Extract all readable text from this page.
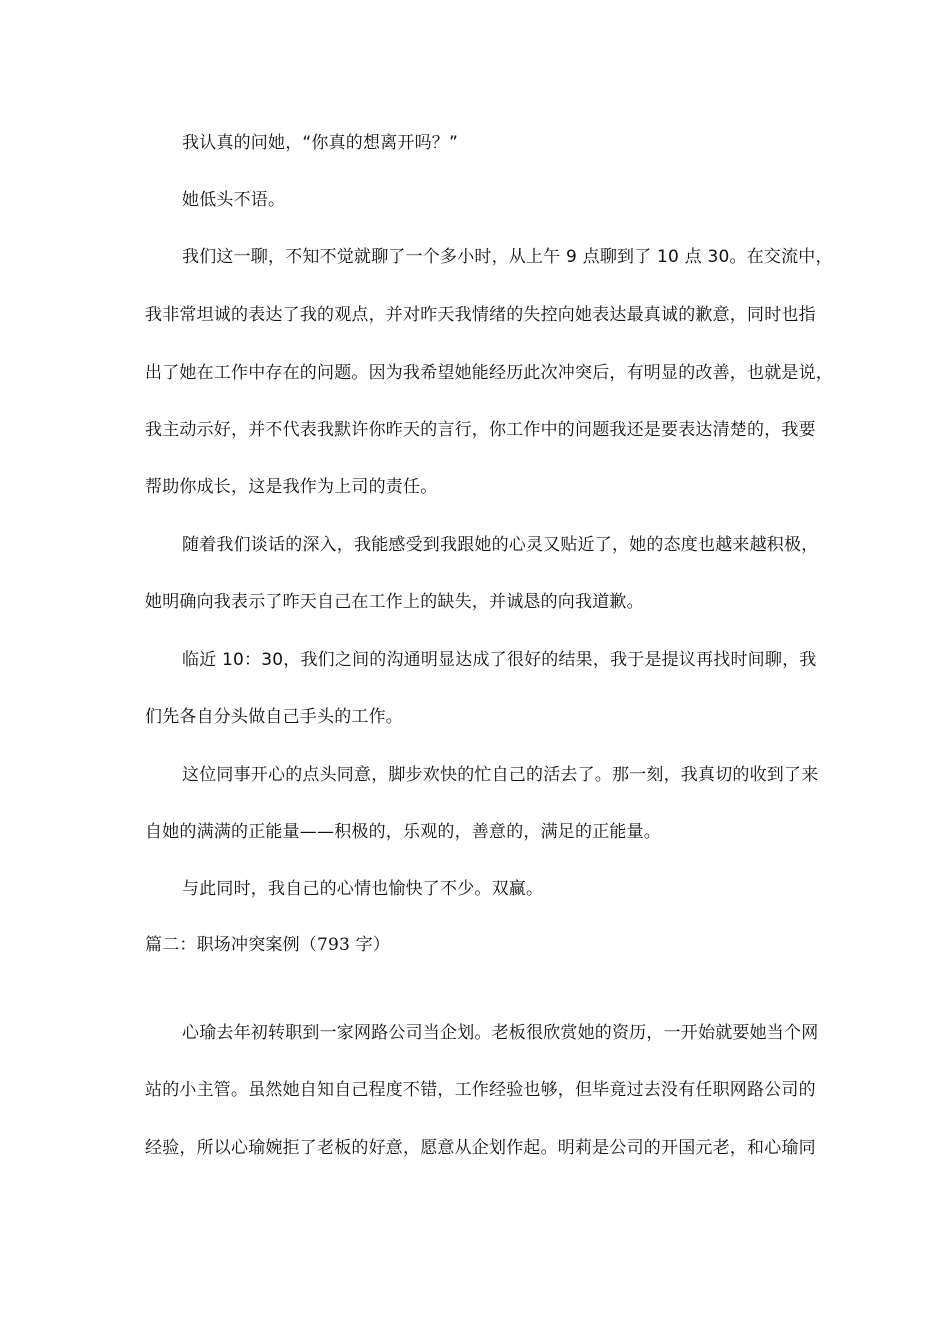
我认真的问她，“你真的想离开吗？”
她低头不语。
我们这一聊，不知不觉就聊了一个多小时，从上午 9 点聊到了 10 点 30。在交流中，
我非常坦诚的表达了我的观点，并对昨天我情绪的失控向她表达最真诚的歉意，同时也指
出了她在工作中存在的问题。因为我希望她能经历此次冲突后，有明显的改善，也就是说，
我主动示好，并不代表我默许你昨天的言行，你工作中的问题我还是要表达清楚的，我要
帮助你成长，这是我作为上司的责任。
随着我们谈话的深入，我能感受到我跟她的心灵又贴近了，她的态度也越来越积极，
她明确向我表示了昨天自己在工作上的缺失，并诚恳的向我道歉。
临近 10：30，我们之间的沟通明显达成了很好的结果，我于是提议再找时间聊，我
们先各自分头做自己手头的工作。
这位同事开心的点头同意，脚步欢快的忙自己的活去了。那一刻，我真切的收到了来
自她的满满的正能量——积极的，乐观的，善意的，满足的正能量。
与此同时，我自己的心情也愉快了不少。双赢。
篇二：职场冲突案例（793 字）
心瑜去年初转职到一家网路公司当企划。老板很欣赏她的资历，一开始就要她当个网
站的小主管。虽然她自知自己程度不错，工作经验也够，但毕竟过去没有任职网路公司的
经验，所以心瑜婉拒了老板的好意，愿意从企划作起。明莉是公司的开国元老，和心瑜同
